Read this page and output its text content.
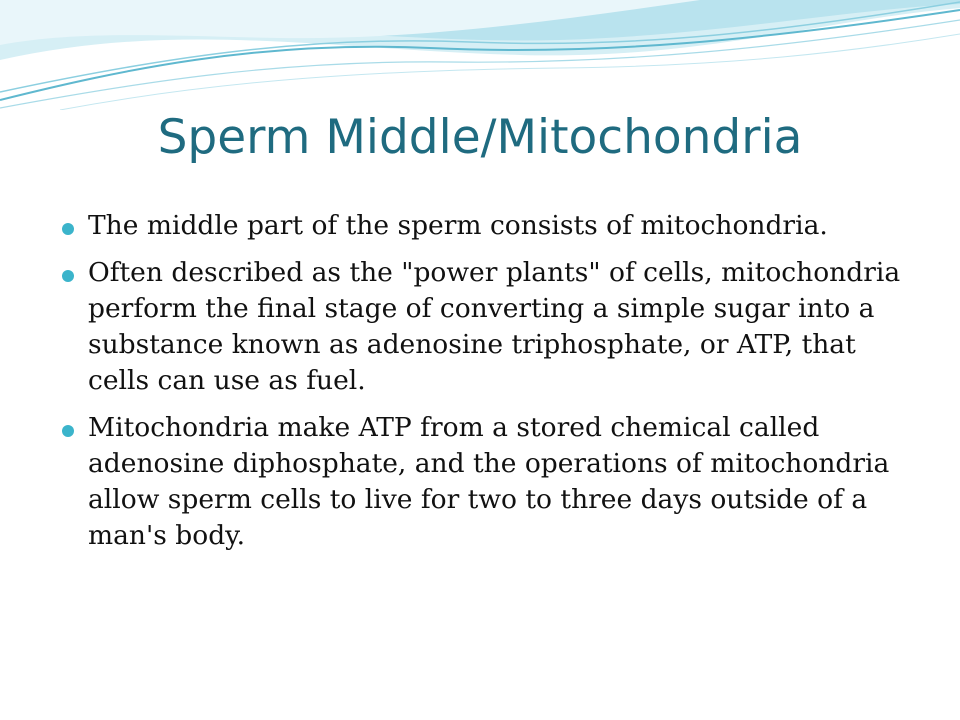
Sperm Middle/Mitochondria
The middle part of the sperm consists of mitochondria.
Often described as the "power plants" of cells, mitochondria perform the final stage of converting a simple sugar into a substance known as adenosine triphosphate, or ATP, that cells can use as fuel.
Mitochondria make ATP from a stored chemical called adenosine diphosphate, and the operations of mitochondria allow sperm cells to live for two to three days outside of a man's body.
